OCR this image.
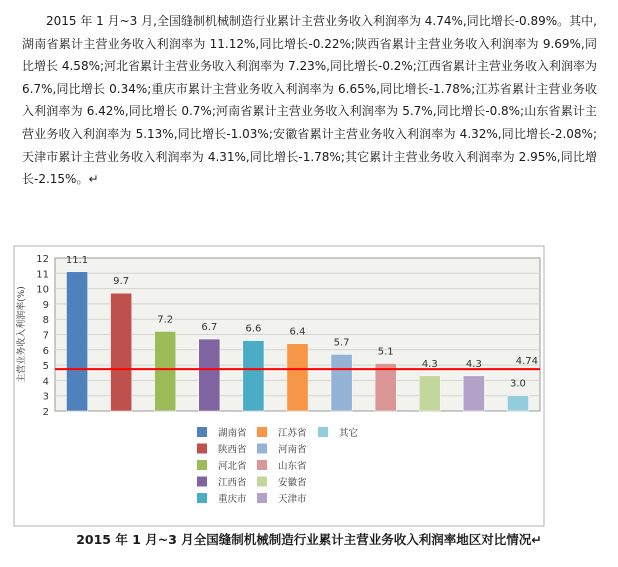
2015 年 1 月~3 月,全国缝制机械制造行业累计主营业务收入利润率为 4.74%,同比增长-0.89%。其中,湖南省累计主营业务收入利润率为 11.12%,同比增长-0.22%;陕西省累计主营业务收入利润率为 9.69%,同比增长 4.58%;河北省累计主营业务收入利润率为 7.23%,同比增长-0.2%;江西省累计主营业务收入利润率为 6.7%,同比增长 0.34%;重庆市累计主营业务收入利润率为 6.65%,同比增长-1.78%;江苏省累计主营业务收入利润率为 6.42%,同比增长 0.7%;河南省累计主营业务收入利润率为 5.7%,同比增长-0.8%;山东省累计主营业务收入利润率为 5.13%,同比增长-1.03%;安徽省累计主营业务收入利润率为 4.32%,同比增长-2.08%;天津市累计主营业务收入利润率为 4.31%,同比增长-1.78%;其它累计主营业务收入利润率为 2.95%,同比增长-2.15%。↵

2
3
4
5
6
7
8
9
10
11
12
主营业务收入利润率(%)
11.1
9.7
7.2
6.7	6.6	6.4
5.7
5.1
4.3	4.3
3.0
4.74
湖南省
陕西省
河北省
江西省
重庆市
江苏省
河南省
山东省
安徽省
天津市
其它
2015 年 1 月~3 月全国缝制机械制造行业累计主营业务收入利润率地区对比情况↵
